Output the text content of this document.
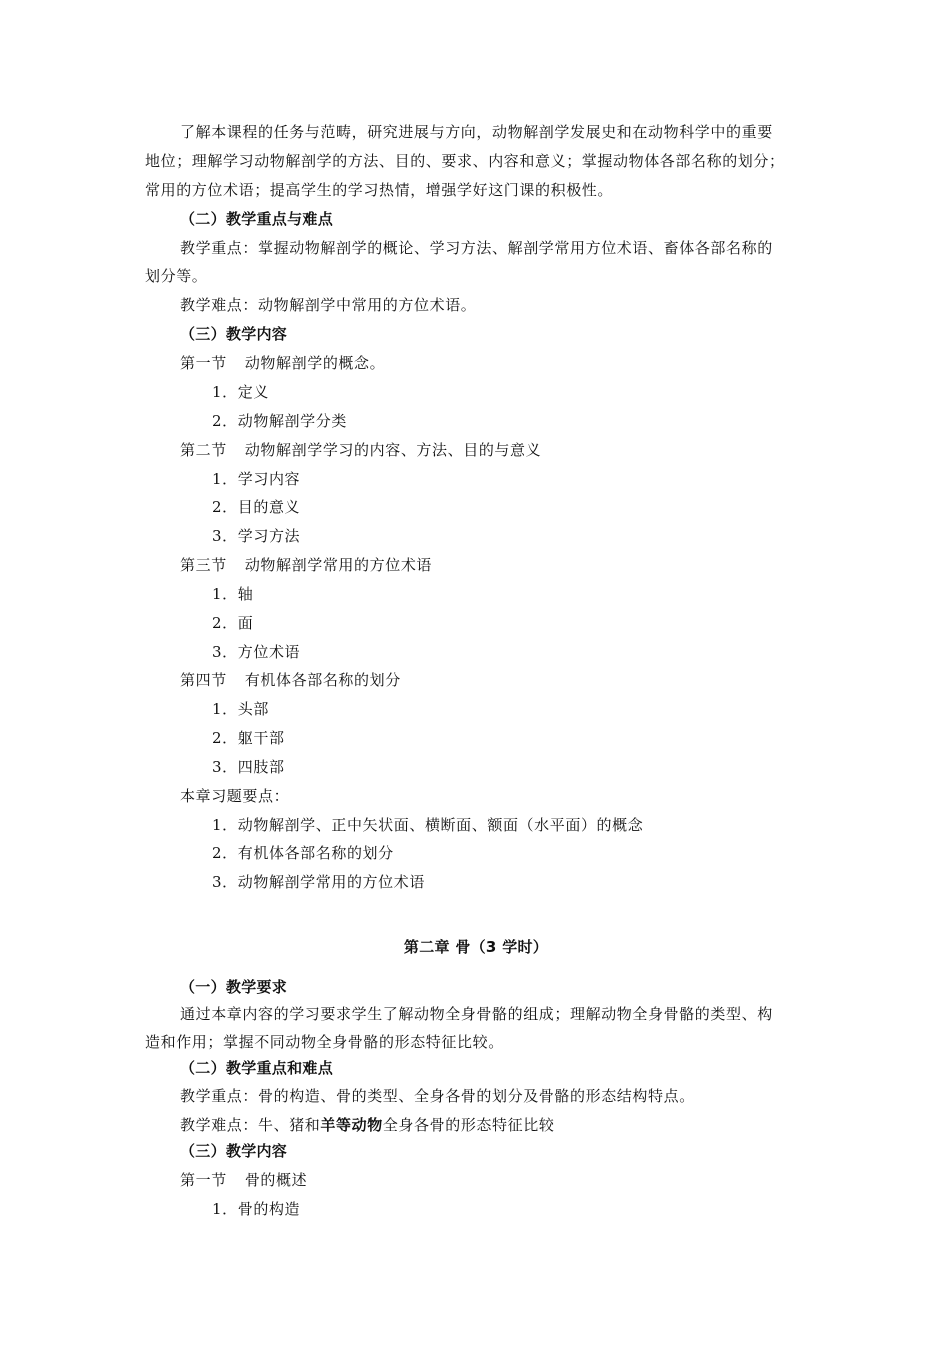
了解本课程的任务与范畴，研究进展与方向，动物解剖学发展史和在动物科学中的重要
地位；理解学习动物解剖学的方法、目的、要求、内容和意义；掌握动物体各部名称的划分；
常用的方位术语；提高学生的学习热情，增强学好这门课的积极性。
（二）教学重点与难点
教学重点：掌握动物解剖学的概论、学习方法、解剖学常用方位术语、畜体各部名称的
划分等。
教学难点：动物解剖学中常用的方位术语。
（三）教学内容
第一节 动物解剖学的概念。
1．定义
2．动物解剖学分类
第二节 动物解剖学学习的内容、方法、目的与意义
1．学习内容
2．目的意义
3．学习方法
第三节 动物解剖学常用的方位术语
1．轴
2．面
3．方位术语
第四节 有机体各部名称的划分
1．头部
2．躯干部
3．四肢部
本章习题要点：
1．动物解剖学、正中矢状面、横断面、额面（水平面）的概念
2．有机体各部名称的划分
3．动物解剖学常用的方位术语
第二章 骨（3 学时）
（一）教学要求
通过本章内容的学习要求学生了解动物全身骨骼的组成；理解动物全身骨骼的类型、构
造和作用；掌握不同动物全身骨骼的形态特征比较。
（二）教学重点和难点
教学重点：骨的构造、骨的类型、全身各骨的划分及骨骼的形态结构特点。
教学难点：牛、猪和羊等动物全身各骨的形态特征比较
（三）教学内容
第一节 骨的概述
1．骨的构造
